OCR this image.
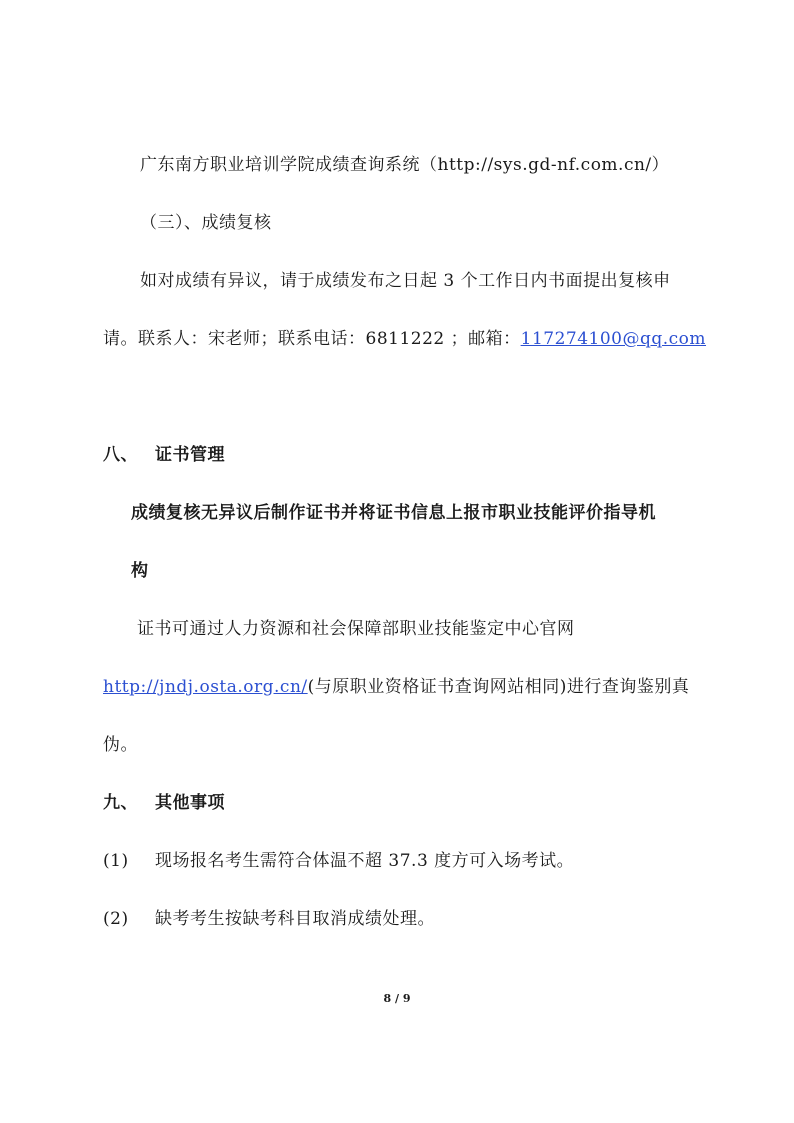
广东南方职业培训学院成绩查询系统（http://sys.gd-nf.com.cn/）
（三）、成绩复核
如对成绩有异议，请于成绩发布之日起 3 个工作日内书面提出复核申
请。联系人：宋老师；联系电话：6811222 ；邮箱：117274100@qq.com
八、 证书管理
成绩复核无异议后制作证书并将证书信息上报市职业技能评价指导机
构
证书可通过人力资源和社会保障部职业技能鉴定中心官网
http://jndj.osta.org.cn/(与原职业资格证书查询网站相同)进行查询鉴别真
伪。
九、 其他事项
(1) 现场报名考生需符合体温不超 37.3 度方可入场考试。
(2) 缺考考生按缺考科目取消成绩处理。
8 / 9
